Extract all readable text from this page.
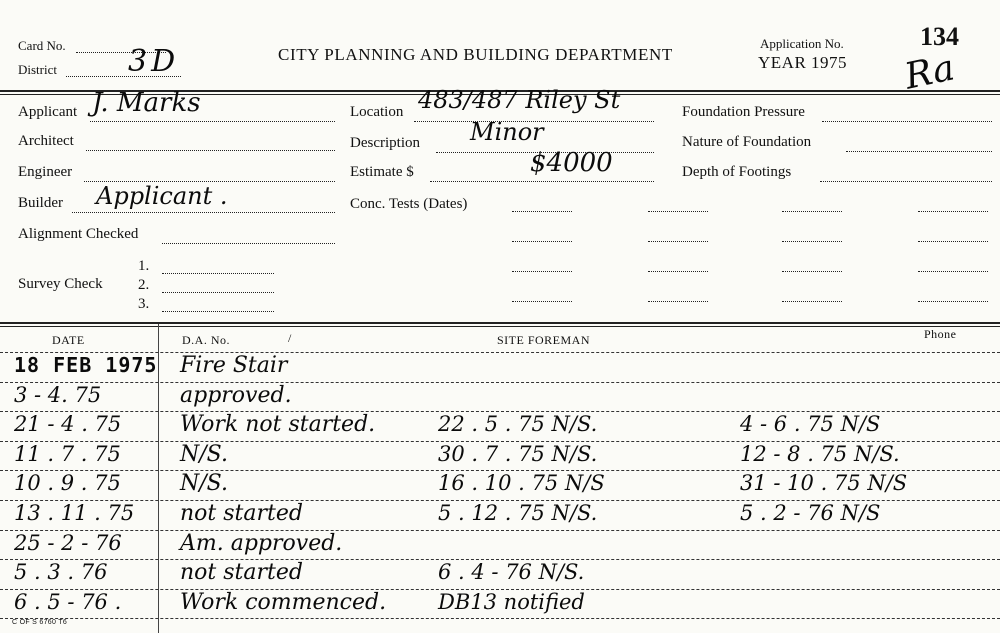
Card No.
District 3D	CITY PLANNING AND BUILDING DEPARTMENT
Application No.
YEAR 1975
134
Ra
Applicant J. Marks
Architect
Engineer
Builder Applicant .
Alignment Checked
Survey Check
1.
2.
3.
Location 483/487 Riley St
Description Minor
Estimate $	$4000
Conc. Tests (Dates)
Foundation Pressure
Nature of Foundation
Depth of Footings
DATE	D.A. No.	/	SITE FOREMAN	Phone
18 FEB 1975 Fire Stair
3 - 4. 75	approved.
21 - 4 . 75	Work not started.	22 . 5 . 75 N/S.	4 - 6 . 75 N/S
11 . 7 . 75	N/S.	30 . 7 . 75 N/S.	12 - 8 . 75 N/S.
10 . 9 . 75	N/S.	16 . 10 . 75 N/S	31 - 10 . 75 N/S
13 . 11 . 75 not started	5 . 12 . 75 N/S.	5 . 2 - 76 N/S
25 - 2 - 76	Am. approved.
5 . 3 . 76	not started	6 . 4 - 76 N/S.
6 . 5 - 76 .	Work commenced. DB13 notified
C OF S 6760 T6
